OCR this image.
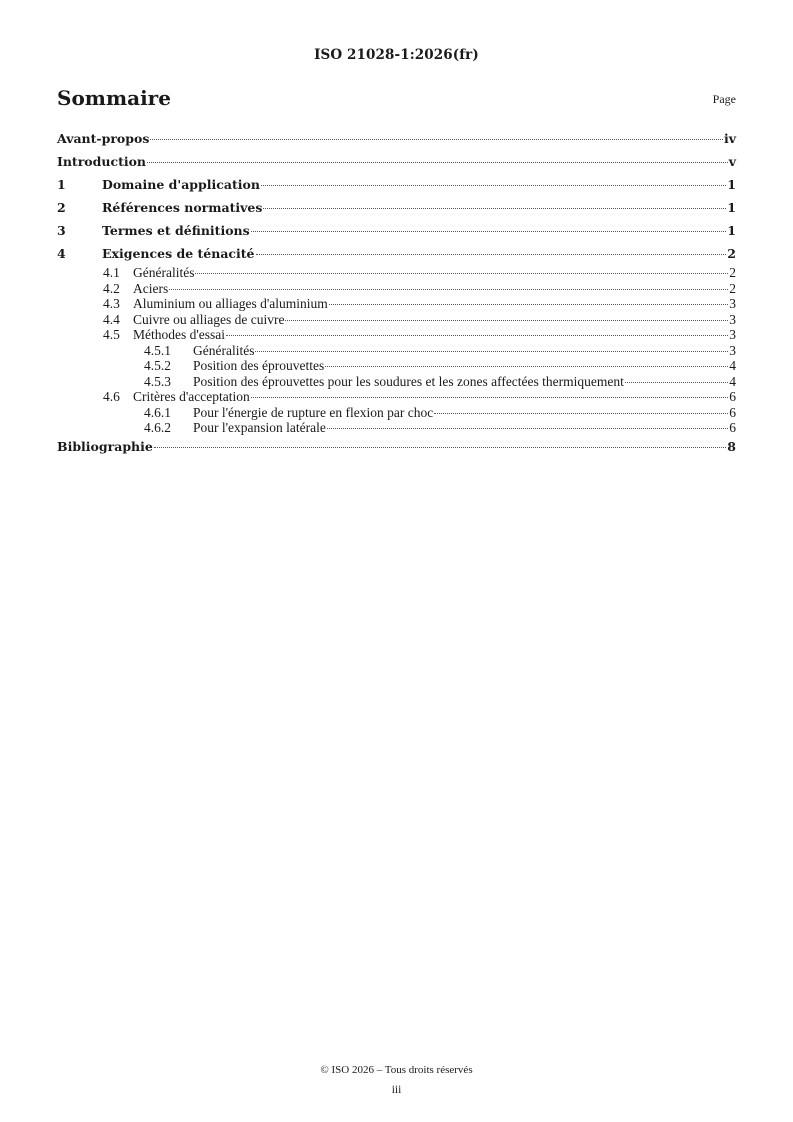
ISO 21028-1:2026(fr)
Sommaire	Page
Avant-propos	iv
Introduction	v
1	Domaine d'application	1
2	Références normatives	1
3	Termes et définitions	1
4	Exigences de ténacité	2
4.1 Généralités	2
4.2 Aciers	2
4.3 Aluminium ou alliages d'aluminium	3
4.4 Cuivre ou alliages de cuivre	3
4.5 Méthodes d'essai	3
4.5.1	Généralités	3
4.5.2	Position des éprouvettes	4
4.5.3	Position des éprouvettes pour les soudures et les zones affectées thermiquement	4
4.6 Critères d'acceptation	6
4.6.1	Pour l'énergie de rupture en flexion par choc	6
4.6.2	Pour l'expansion latérale	6
Bibliographie	8
© ISO 2026 – Tous droits réservés
iii
